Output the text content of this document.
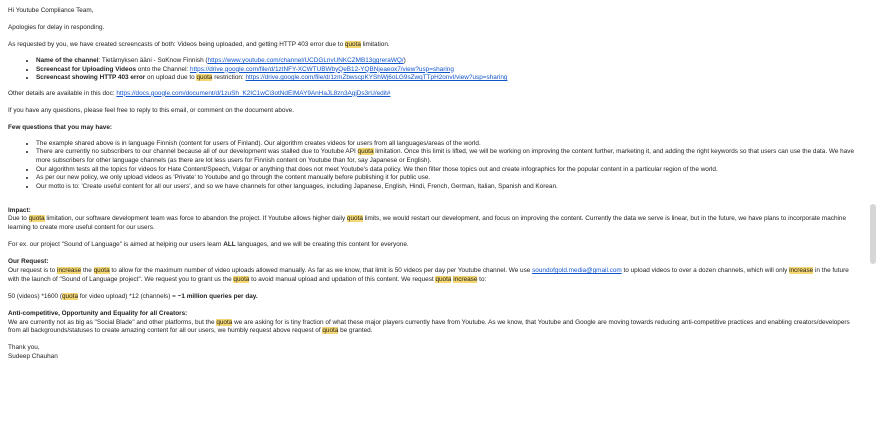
Hi Youtube Compliance Team,

Apologies for delay in responding.

As requested by you, we have created screencasts of both: Videos being uploaded, and getting HTTP 403 error due to quota limitation.

• Name of the channel: Tietämyksen ääni - SoKnow Finnish (https://www.youtube.com/channel/UCDGLnvUNKCZMB13ggreraWQ/)
• Screencast for Uploading Videos onto the Channel: https://drive.google.com/file/d/1ztNFY-XCWTUBWbyQeB12-YQBNjeaeox7/view?usp=sharing
• Screencast showing HTTP 403 error on upload due to quota restriction: https://drive.google.com/file/d/1zmZbwscpKYShWj6oLG9sZwqTTpH2onvI/view?usp=sharing

Other details are available in this doc: https://docs.google.com/document/d/1zuSh_K2IC1wCi3otNdEIMAY9AnHaJL8zn3AgjDs3rU/edit#

If you have any questions, please feel free to reply to this email, or comment on the document above.

Few questions that you may have:

• The example shared above is in language Finnish (content for users of Finland). Our algorithm creates videos for users from all languages/areas of the world.
• There are currently no subscribers to our channel because all of our development was stalled due to Youtube API quota limitation. Once this limit is lifted, we will be working on improving the content further, marketing it, and adding the right keywords so that users can use the data. We have more subscribers for other language channels (as there are lot less users for Finnish content on Youtube than for, say Japanese or English).
• Our algorithm tests all the topics for videos for Hate Content/Speech, Vulgar or anything that does not meet Youtube's data policy. We then filter those topics out and create infographics for the popular content in a particular region of the world.
• As per our new policy, we only upload videos as 'Private' to Youtube and go through the content manually before publishing it for public use.
• Our motto is to: 'Create useful content for all our users', and so we have channels for other languages, including Japanese, English, Hindi, French, German, Italian, Spanish and Korean.

Impact:

Due to quota limitation, our software development team was force to abandon the project. If Youtube allows higher daily quota limits, we would restart our development, and focus on improving the content. Currently the data we serve is linear, but in the future, we have plans to incorporate machine learning to create more useful content for our users.

For ex. our project "Sound of Language" is aimed at helping our users learn ALL languages, and we will be creating this content for everyone.

Our Request:

Our request is to increase the quota to allow for the maximum number of video uploads allowed manually. As far as we know, that limit is 50 videos per day per Youtube channel. We use soundofgold.media@gmail.com to upload videos to over a dozen channels, which will only increase in the future with the launch of "Sound of Language project". We request you to grant us the quota to avoid manual upload and updation of this content. We request quota increase to:

50 (videos) *1600 (quota for video upload) *12 (channels) = ~1 million queries per day.

Anti-competitive, Opportunity and Equality for all Creators:

We are currently not as big as "Social Blade" and other platforms, but the quota we are asking for is tiny fraction of what these major players currently have from Youtube. As we know, that Youtube and Google are moving towards reducing anti-competitive practices and enabling creators/developers from all backgrounds/statuses to create amazing content for all our users, we humbly request above request of quota be granted.

Thank you,

Sudeep Chauhan
